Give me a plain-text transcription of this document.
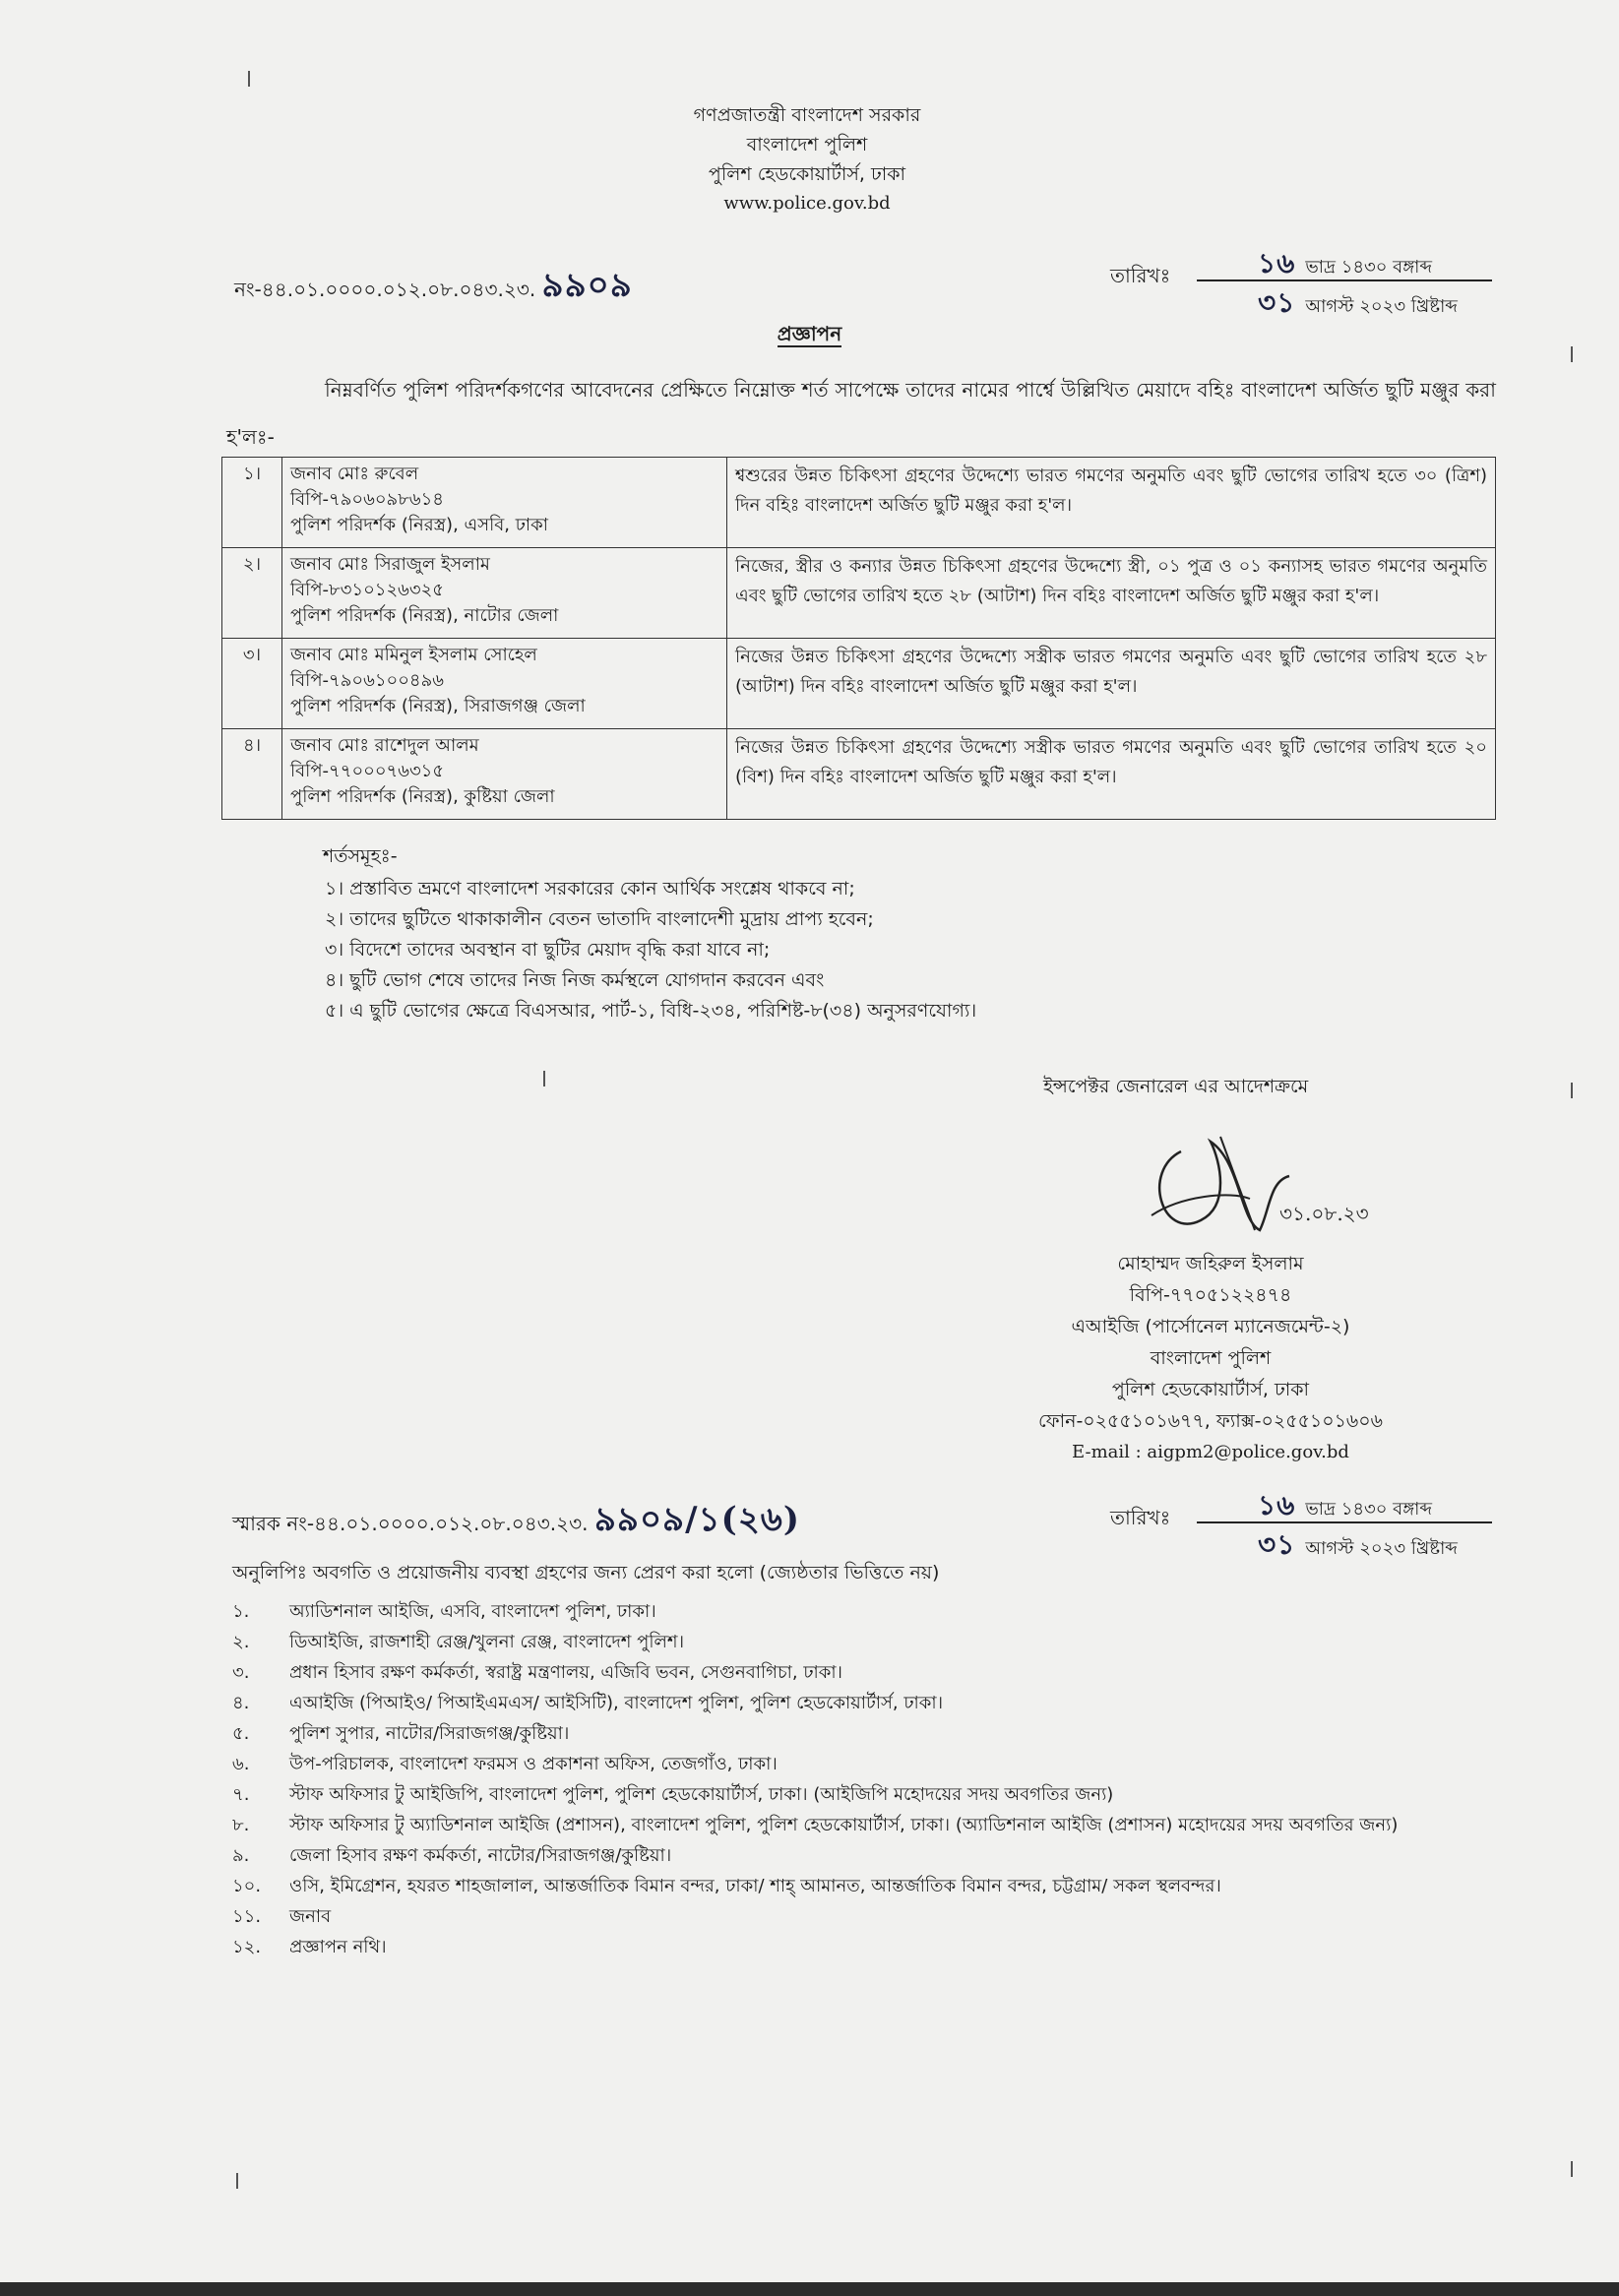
গণপ্রজাতন্ত্রী বাংলাদেশ সরকার
বাংলাদেশ পুলিশ
পুলিশ হেডকোয়ার্টার্স, ঢাকা
www.police.gov.bd
নং-৪৪.০১.০০০০.০১২.০৮.০৪৩.২৩. ৯৯০৯	তারিখঃ	১৬ ভাদ্র ১৪৩০ বঙ্গাব্দ
৩১ আগস্ট ২০২৩ খ্রিষ্টাব্দ
প্রজ্ঞাপন
নিম্নবর্ণিত পুলিশ পরিদর্শকগণের আবেদনের প্রেক্ষিতে নিম্নোক্ত শর্ত সাপেক্ষে তাদের নামের পার্শ্বে উল্লিখিত মেয়াদে বহিঃ বাংলাদেশ অর্জিত ছুটি মঞ্জুর করা হ'লঃ-
১।	জনাব মোঃ রুবেল
বিপি-৭৯০৬০৯৮৬১৪
পুলিশ পরিদর্শক (নিরস্ত্র), এসবি, ঢাকা	শ্বশুরের উন্নত চিকিৎসা গ্রহণের উদ্দেশ্যে ভারত গমণের অনুমতি এবং ছুটি ভোগের তারিখ হতে ৩০ (ত্রিশ) দিন বহিঃ বাংলাদেশ অর্জিত ছুটি মঞ্জুর করা হ'ল।
২।	জনাব মোঃ সিরাজুল ইসলাম
বিপি-৮৩১০১২৬৩২৫
পুলিশ পরিদর্শক (নিরস্ত্র), নাটোর জেলা	নিজের, স্ত্রীর ও কন্যার উন্নত চিকিৎসা গ্রহণের উদ্দেশ্যে স্ত্রী, ০১ পুত্র ও ০১ কন্যাসহ ভারত গমণের অনুমতি এবং ছুটি ভোগের তারিখ হতে ২৮ (আটাশ) দিন বহিঃ বাংলাদেশ অর্জিত ছুটি মঞ্জুর করা হ'ল।
৩।	জনাব মোঃ মমিনুল ইসলাম সোহেল
বিপি-৭৯০৬১০০৪৯৬
পুলিশ পরিদর্শক (নিরস্ত্র), সিরাজগঞ্জ জেলা	নিজের উন্নত চিকিৎসা গ্রহণের উদ্দেশ্যে সস্ত্রীক ভারত গমণের অনুমতি এবং ছুটি ভোগের তারিখ হতে ২৮ (আটাশ) দিন বহিঃ বাংলাদেশ অর্জিত ছুটি মঞ্জুর করা হ'ল।
৪।	জনাব মোঃ রাশেদুল আলম
বিপি-৭৭০০০৭৬৩১৫
পুলিশ পরিদর্শক (নিরস্ত্র), কুষ্টিয়া জেলা	নিজের উন্নত চিকিৎসা গ্রহণের উদ্দেশ্যে সস্ত্রীক ভারত গমণের অনুমতি এবং ছুটি ভোগের তারিখ হতে ২০ (বিশ) দিন বহিঃ বাংলাদেশ অর্জিত ছুটি মঞ্জুর করা হ'ল।
শর্তসমূহঃ-
১। প্রস্তাবিত ভ্রমণে বাংলাদেশ সরকারের কোন আর্থিক সংশ্লেষ থাকবে না;
২। তাদের ছুটিতে থাকাকালীন বেতন ভাতাদি বাংলাদেশী মুদ্রায় প্রাপ্য হবেন;
৩। বিদেশে তাদের অবস্থান বা ছুটির মেয়াদ বৃদ্ধি করা যাবে না;
৪। ছুটি ভোগ শেষে তাদের নিজ নিজ কর্মস্থলে যোগদান করবেন এবং
৫। এ ছুটি ভোগের ক্ষেত্রে বিএসআর, পার্ট-১, বিধি-২৩৪, পরিশিষ্ট-৮(৩৪) অনুসরণযোগ্য।
ইন্সপেক্টর জেনারেল এর আদেশক্রমে
৩১.০৮.২৩
মোহাম্মদ জহিরুল ইসলাম
বিপি-৭৭০৫১২২৪৭৪
এআইজি (পার্সোনেল ম্যানেজমেন্ট-২)
বাংলাদেশ পুলিশ
পুলিশ হেডকোয়ার্টার্স, ঢাকা
ফোন-০২৫৫১০১৬৭৭, ফ্যাক্স-০২৫৫১০১৬০৬
E-mail : aigpm2@police.gov.bd
স্মারক নং-৪৪.০১.০০০০.০১২.০৮.০৪৩.২৩. ৯৯০৯/১(২৬)	তারিখঃ	১৬ ভাদ্র ১৪৩০ বঙ্গাব্দ
৩১ আগস্ট ২০২৩ খ্রিষ্টাব্দ
অনুলিপিঃ অবগতি ও প্রয়োজনীয় ব্যবস্থা গ্রহণের জন্য প্রেরণ করা হলো (জ্যেষ্ঠতার ভিত্তিতে নয়)
১.	অ্যাডিশনাল আইজি, এসবি, বাংলাদেশ পুলিশ, ঢাকা।
২.	ডিআইজি, রাজশাহী রেঞ্জ/খুলনা রেঞ্জ, বাংলাদেশ পুলিশ।
৩.	প্রধান হিসাব রক্ষণ কর্মকর্তা, স্বরাষ্ট্র মন্ত্রণালয়, এজিবি ভবন, সেগুনবাগিচা, ঢাকা।
৪.	এআইজি (পিআইও/ পিআইএমএস/ আইসিটি), বাংলাদেশ পুলিশ, পুলিশ হেডকোয়ার্টার্স, ঢাকা।
৫.	পুলিশ সুপার, নাটোর/সিরাজগঞ্জ/কুষ্টিয়া।
৬.	উপ-পরিচালক, বাংলাদেশ ফরমস ও প্রকাশনা অফিস, তেজগাঁও, ঢাকা।
৭.	স্টাফ অফিসার টু আইজিপি, বাংলাদেশ পুলিশ, পুলিশ হেডকোয়ার্টার্স, ঢাকা। (আইজিপি মহোদয়ের সদয় অবগতির জন্য)
৮.	স্টাফ অফিসার টু অ্যাডিশনাল আইজি (প্রশাসন), বাংলাদেশ পুলিশ, পুলিশ হেডকোয়ার্টার্স, ঢাকা। (অ্যাডিশনাল আইজি (প্রশাসন) মহোদয়ের সদয় অবগতির জন্য)
৯.	জেলা হিসাব রক্ষণ কর্মকর্তা, নাটোর/সিরাজগঞ্জ/কুষ্টিয়া।
১০.	ওসি, ইমিগ্রেশন, হযরত শাহজালাল, আন্তর্জাতিক বিমান বন্দর, ঢাকা/ শাহ্ আমানত, আন্তর্জাতিক বিমান বন্দর, চট্টগ্রাম/ সকল স্থলবন্দর।
১১.	জনাব
১২.	প্রজ্ঞাপন নথি।
